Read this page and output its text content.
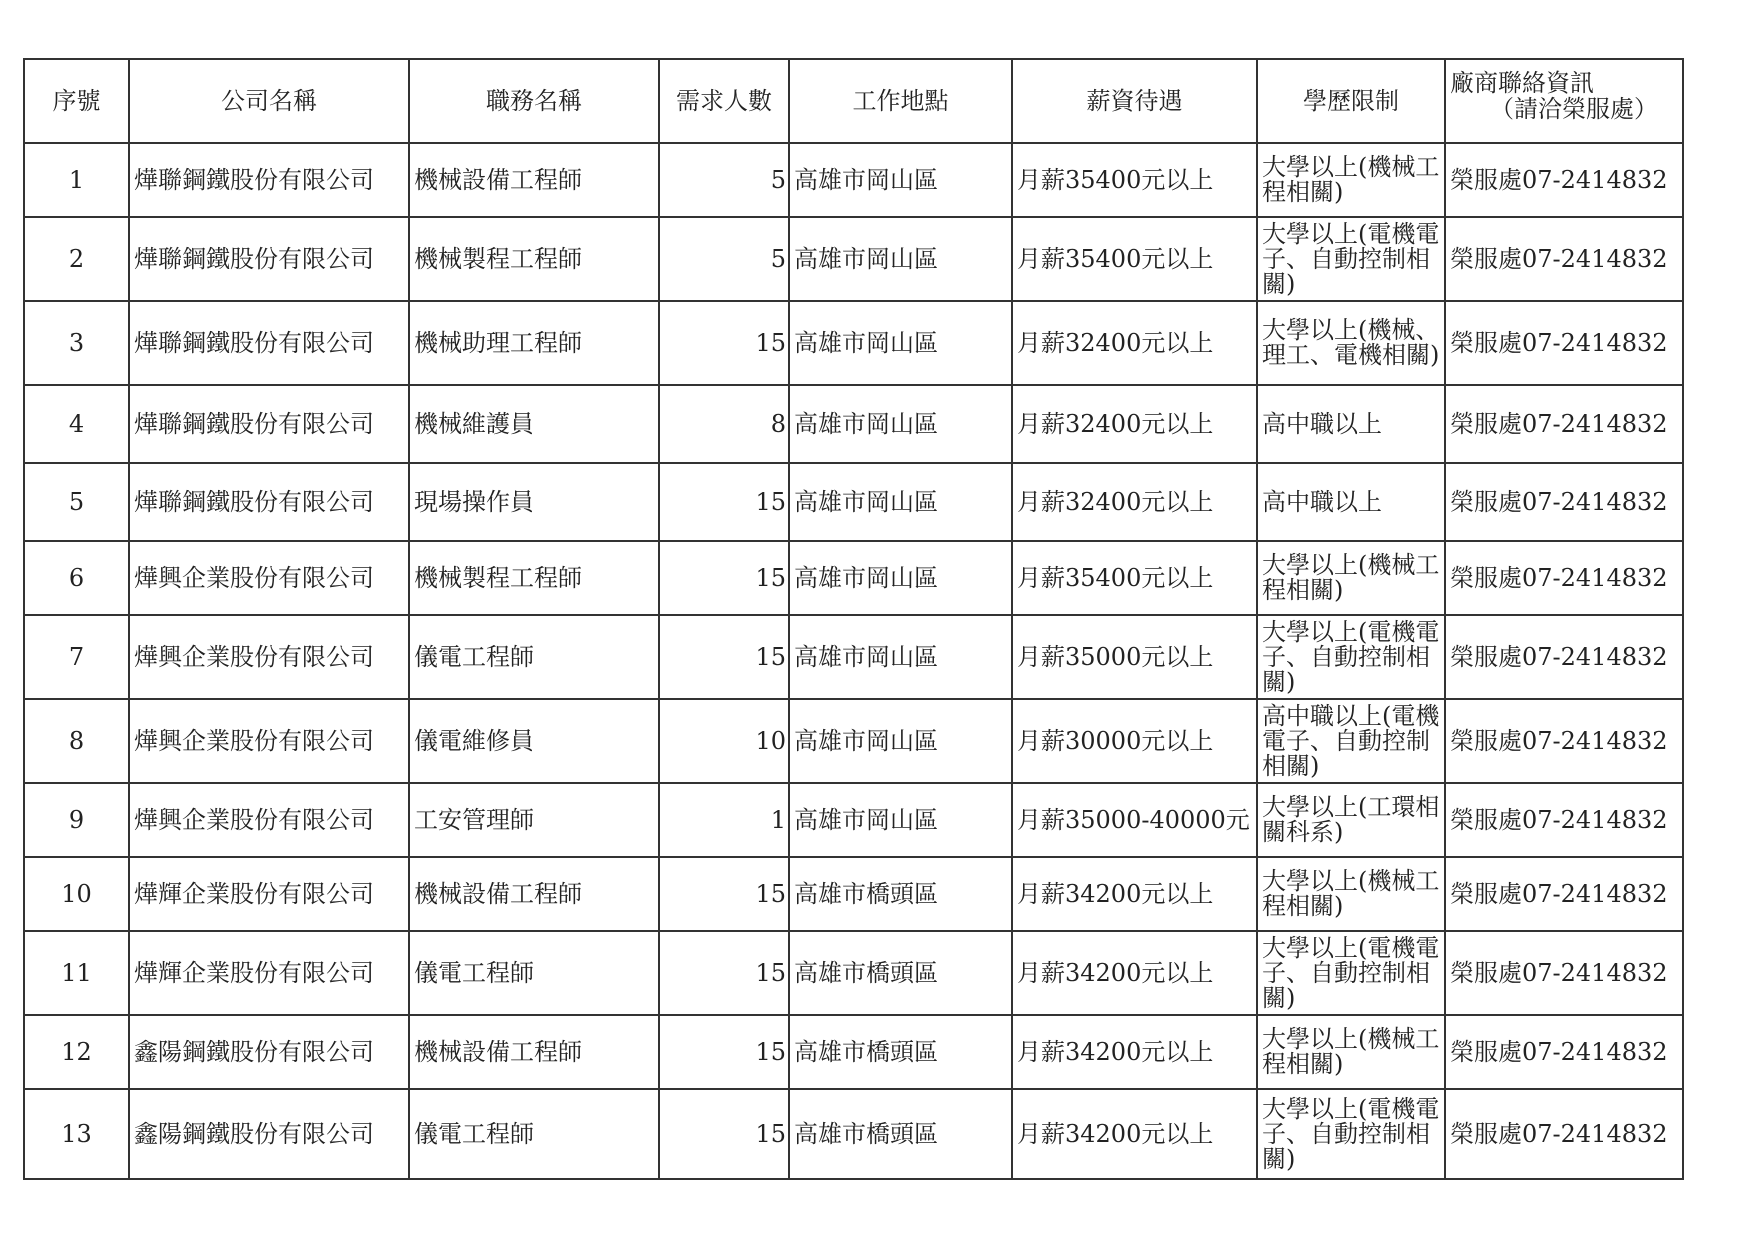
序號	公司名稱	職務名稱	需求人數	工作地點	薪資待遇	學歷限制	廠商聯絡資訊
（請洽榮服處）

1	燁聯鋼鐵股份有限公司	機械設備工程師	5	高雄市岡山區	月薪35400元以上	大學以上(機械工程相關)	榮服處07-2414832
2	燁聯鋼鐵股份有限公司	機械製程工程師	5	高雄市岡山區	月薪35400元以上	大學以上(電機電子、自動控制相關)	榮服處07-2414832
3	燁聯鋼鐵股份有限公司	機械助理工程師	15	高雄市岡山區	月薪32400元以上	大學以上(機械、理工、電機相關)	榮服處07-2414832
4	燁聯鋼鐵股份有限公司	機械維護員	8	高雄市岡山區	月薪32400元以上	高中職以上	榮服處07-2414832
5	燁聯鋼鐵股份有限公司	現場操作員	15	高雄市岡山區	月薪32400元以上	高中職以上	榮服處07-2414832
6	燁興企業股份有限公司	機械製程工程師	15	高雄市岡山區	月薪35400元以上	大學以上(機械工程相關)	榮服處07-2414832
7	燁興企業股份有限公司	儀電工程師	15	高雄市岡山區	月薪35000元以上	大學以上(電機電子、自動控制相關)	榮服處07-2414832
8	燁興企業股份有限公司	儀電維修員	10	高雄市岡山區	月薪30000元以上	高中職以上(電機電子、自動控制相關)	榮服處07-2414832
9	燁興企業股份有限公司	工安管理師	1	高雄市岡山區	月薪35000-40000元	大學以上(工環相關科系)	榮服處07-2414832
10	燁輝企業股份有限公司	機械設備工程師	15	高雄市橋頭區	月薪34200元以上	大學以上(機械工程相關)	榮服處07-2414832
11	燁輝企業股份有限公司	儀電工程師	15	高雄市橋頭區	月薪34200元以上	大學以上(電機電子、自動控制相關)	榮服處07-2414832
12	鑫陽鋼鐵股份有限公司	機械設備工程師	15	高雄市橋頭區	月薪34200元以上	大學以上(機械工程相關)	榮服處07-2414832
13	鑫陽鋼鐵股份有限公司	儀電工程師	15	高雄市橋頭區	月薪34200元以上	大學以上(電機電子、自動控制相關)	榮服處07-2414832
